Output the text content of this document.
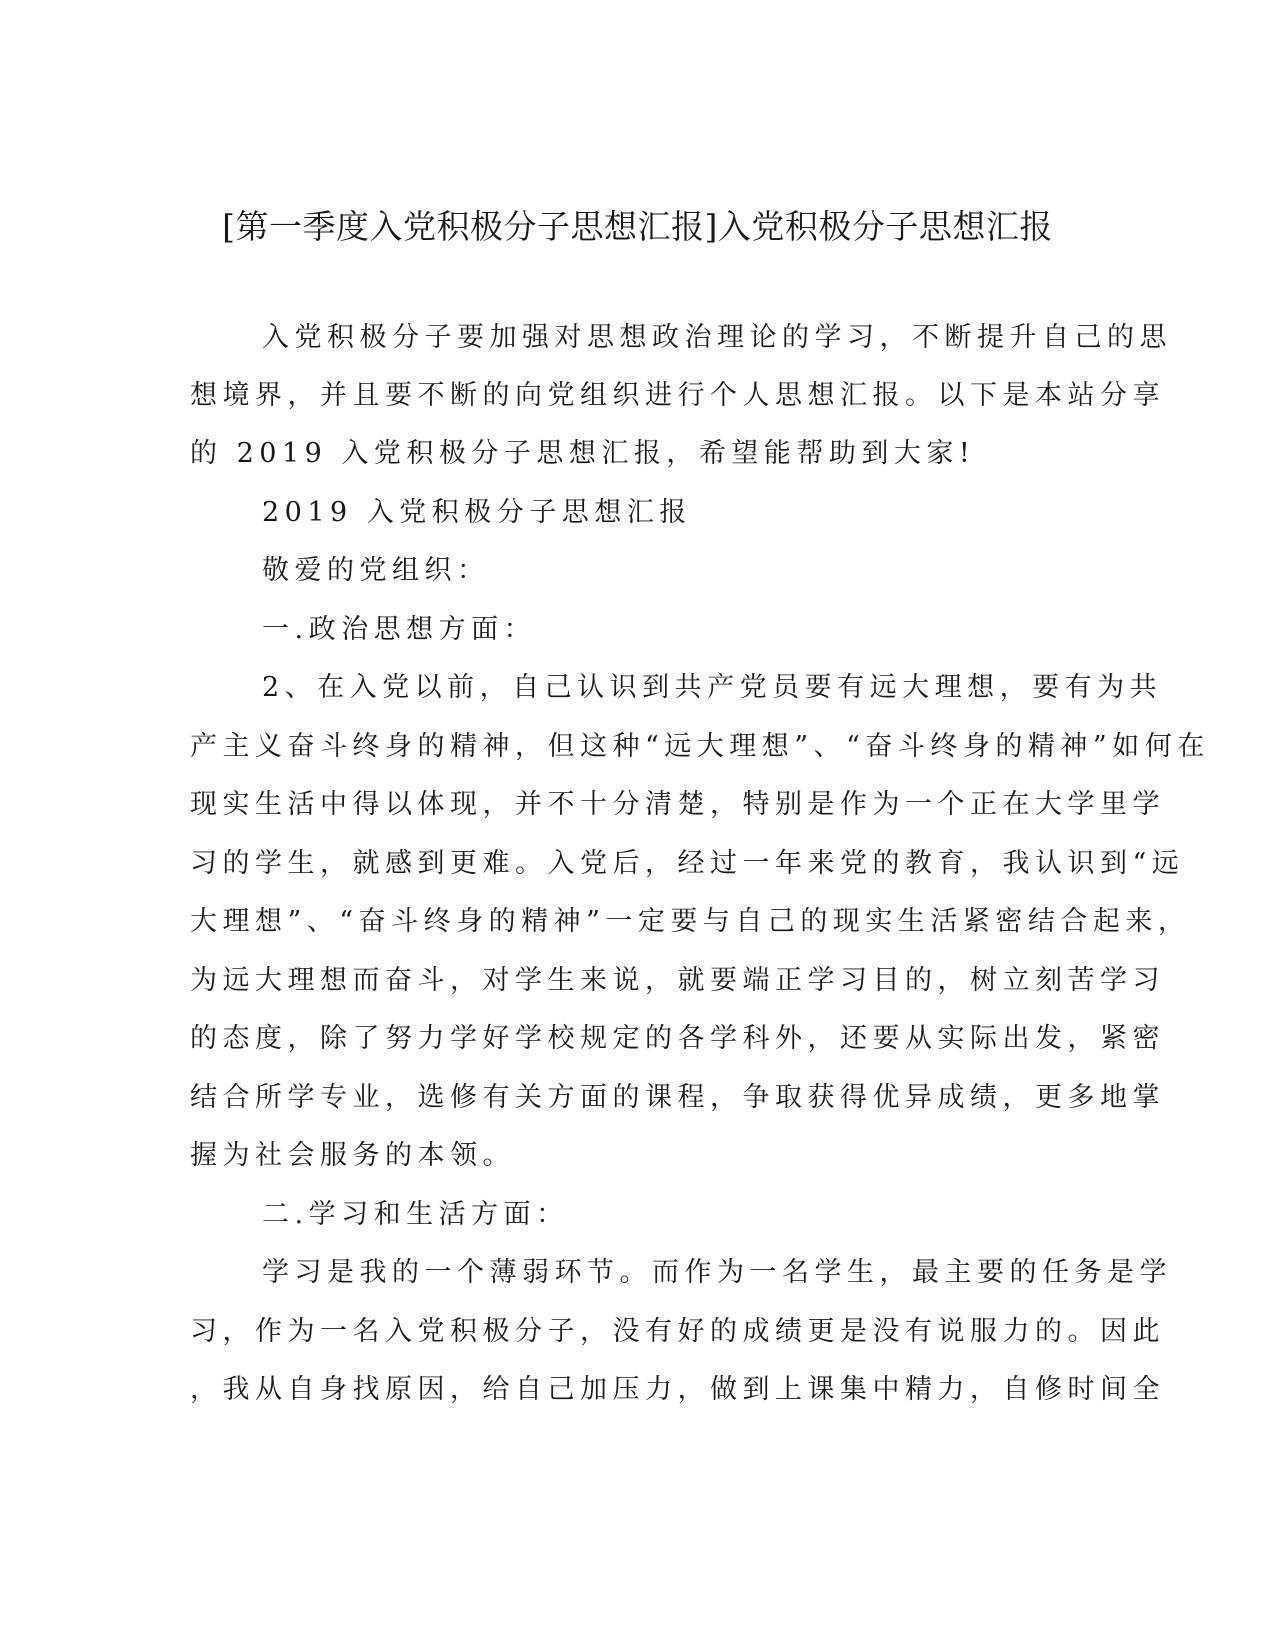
[第一季度入党积极分子思想汇报]入党积极分子思想汇报
入党积极分子要加强对思想政治理论的学习，不断提升自己的思
想境界，并且要不断的向党组织进行个人思想汇报。以下是本站分享
的 2019 入党积极分子思想汇报，希望能帮助到大家!
2019 入党积极分子思想汇报
敬爱的党组织：
一.政治思想方面：
2、在入党以前，自己认识到共产党员要有远大理想，要有为共
产主义奋斗终身的精神，但这种“远大理想”、“奋斗终身的精神”如何在
现实生活中得以体现，并不十分清楚，特别是作为一个正在大学里学
习的学生，就感到更难。入党后，经过一年来党的教育，我认识到“远
大理想”、“奋斗终身的精神”一定要与自己的现实生活紧密结合起来，
为远大理想而奋斗，对学生来说，就要端正学习目的，树立刻苦学习
的态度，除了努力学好学校规定的各学科外，还要从实际出发，紧密
结合所学专业，选修有关方面的课程，争取获得优异成绩，更多地掌
握为社会服务的本领。
二.学习和生活方面：
学习是我的一个薄弱环节。而作为一名学生，最主要的任务是学
习，作为一名入党积极分子，没有好的成绩更是没有说服力的。因此
，我从自身找原因，给自己加压力，做到上课集中精力，自修时间全
